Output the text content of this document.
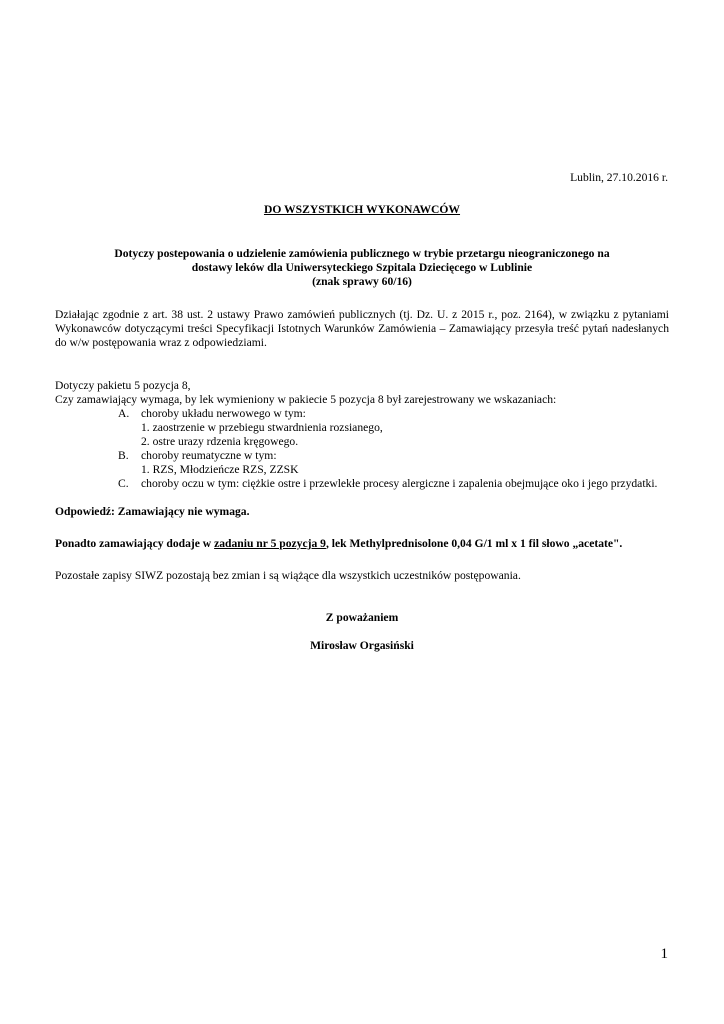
Lublin, 27.10.2016 r.
DO WSZYSTKICH WYKONAWCÓW
Dotyczy postepowania o udzielenie zamówienia publicznego w trybie przetargu nieograniczonego na
dostawy leków dla Uniwersyteckiego Szpitala Dziecięcego w Lublinie
(znak sprawy 60/16)

Działając zgodnie z art. 38 ust. 2 ustawy Prawo zamówień publicznych (tj. Dz. U. z 2015 r., poz. 2164), w związku z pytaniami Wykonawców dotyczącymi treści Specyfikacji Istotnych Warunków Zamówienia – Zamawiający przesyła treść pytań nadesłanych do w/w postępowania wraz z odpowiedziami.

Dotyczy pakietu 5 pozycja 8,
Czy zamawiający wymaga, by lek wymieniony w pakiecie 5 pozycja 8 był zarejestrowany we wskazaniach:
A. choroby układu nerwowego w tym:
1. zaostrzenie w przebiegu stwardnienia rozsianego,
2. ostre urazy rdzenia kręgowego.
B. choroby reumatyczne w tym:
1. RZS, Młodzieńcze RZS, ZZSK
C.	choroby oczu w tym: ciężkie ostre i przewlekłe procesy alergiczne i zapalenia obejmujące oko i jego przydatki.
Odpowiedź: Zamawiający nie wymaga.
Ponadto zamawiający dodaje w zadaniu nr 5 pozycja 9, lek Methylprednisolone 0,04 G/1 ml x 1 fil słowo „acetate".
Pozostałe zapisy SIWZ pozostają bez zmian i są wiążące dla wszystkich uczestników postępowania.
Z poważaniem
Mirosław Orgasiński
1
